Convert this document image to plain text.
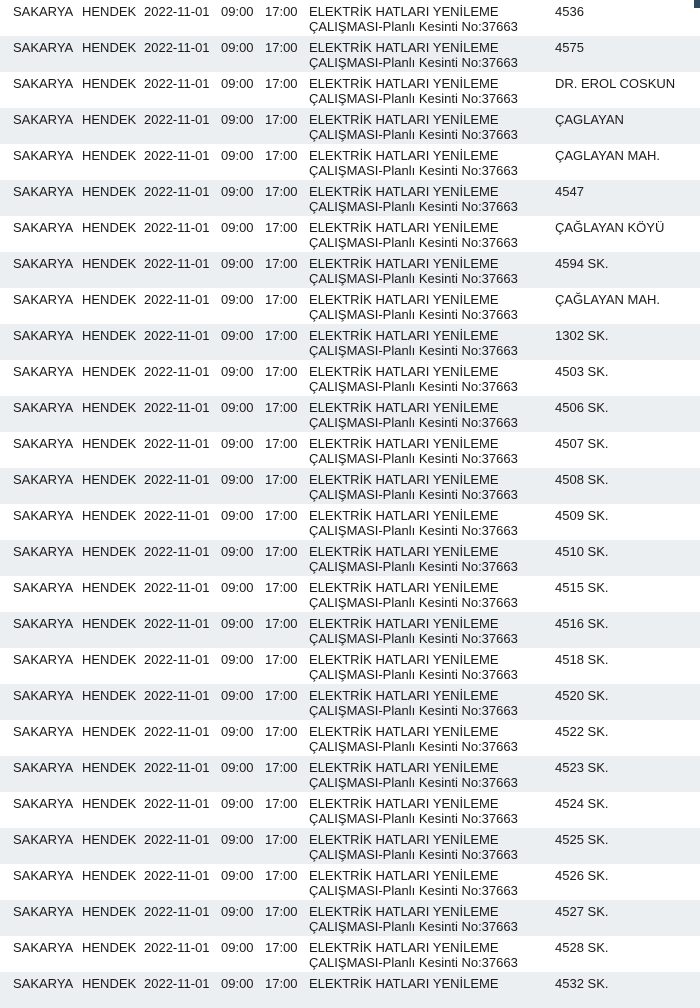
SAKARYA HENDEK 2022-11-01 09:00 17:00 ELEKTRİK HATLARI YENİLEME
ÇALIŞMASI-Planlı Kesinti No:37663
4536
SAKARYA HENDEK 2022-11-01 09:00 17:00 ELEKTRİK HATLARI YENİLEME
ÇALIŞMASI-Planlı Kesinti No:37663
4575
SAKARYA HENDEK 2022-11-01 09:00 17:00 ELEKTRİK HATLARI YENİLEME
ÇALIŞMASI-Planlı Kesinti No:37663
DR. EROL COSKUN
SAKARYA HENDEK 2022-11-01 09:00 17:00 ELEKTRİK HATLARI YENİLEME
ÇALIŞMASI-Planlı Kesinti No:37663
ÇAGLAYAN
SAKARYA HENDEK 2022-11-01 09:00 17:00 ELEKTRİK HATLARI YENİLEME
ÇALIŞMASI-Planlı Kesinti No:37663
ÇAGLAYAN MAH.
SAKARYA HENDEK 2022-11-01 09:00 17:00 ELEKTRİK HATLARI YENİLEME
ÇALIŞMASI-Planlı Kesinti No:37663
4547
SAKARYA HENDEK 2022-11-01 09:00 17:00 ELEKTRİK HATLARI YENİLEME
ÇALIŞMASI-Planlı Kesinti No:37663
ÇAĞLAYAN KÖYÜ
SAKARYA HENDEK 2022-11-01 09:00 17:00 ELEKTRİK HATLARI YENİLEME
ÇALIŞMASI-Planlı Kesinti No:37663
4594 SK.
SAKARYA HENDEK 2022-11-01 09:00 17:00 ELEKTRİK HATLARI YENİLEME
ÇALIŞMASI-Planlı Kesinti No:37663
ÇAĞLAYAN MAH.
SAKARYA HENDEK 2022-11-01 09:00 17:00 ELEKTRİK HATLARI YENİLEME
ÇALIŞMASI-Planlı Kesinti No:37663
1302 SK.
SAKARYA HENDEK 2022-11-01 09:00 17:00 ELEKTRİK HATLARI YENİLEME
ÇALIŞMASI-Planlı Kesinti No:37663
4503 SK.
SAKARYA HENDEK 2022-11-01 09:00 17:00 ELEKTRİK HATLARI YENİLEME
ÇALIŞMASI-Planlı Kesinti No:37663
4506 SK.
SAKARYA HENDEK 2022-11-01 09:00 17:00 ELEKTRİK HATLARI YENİLEME
ÇALIŞMASI-Planlı Kesinti No:37663
4507 SK.
SAKARYA HENDEK 2022-11-01 09:00 17:00 ELEKTRİK HATLARI YENİLEME
ÇALIŞMASI-Planlı Kesinti No:37663
4508 SK.
SAKARYA HENDEK 2022-11-01 09:00 17:00 ELEKTRİK HATLARI YENİLEME
ÇALIŞMASI-Planlı Kesinti No:37663
4509 SK.
SAKARYA HENDEK 2022-11-01 09:00 17:00 ELEKTRİK HATLARI YENİLEME
ÇALIŞMASI-Planlı Kesinti No:37663
4510 SK.
SAKARYA HENDEK 2022-11-01 09:00 17:00 ELEKTRİK HATLARI YENİLEME
ÇALIŞMASI-Planlı Kesinti No:37663
4515 SK.
SAKARYA HENDEK 2022-11-01 09:00 17:00 ELEKTRİK HATLARI YENİLEME
ÇALIŞMASI-Planlı Kesinti No:37663
4516 SK.
SAKARYA HENDEK 2022-11-01 09:00 17:00 ELEKTRİK HATLARI YENİLEME
ÇALIŞMASI-Planlı Kesinti No:37663
4518 SK.
SAKARYA HENDEK 2022-11-01 09:00 17:00 ELEKTRİK HATLARI YENİLEME
ÇALIŞMASI-Planlı Kesinti No:37663
4520 SK.
SAKARYA HENDEK 2022-11-01 09:00 17:00 ELEKTRİK HATLARI YENİLEME
ÇALIŞMASI-Planlı Kesinti No:37663
4522 SK.
SAKARYA HENDEK 2022-11-01 09:00 17:00 ELEKTRİK HATLARI YENİLEME
ÇALIŞMASI-Planlı Kesinti No:37663
4523 SK.
SAKARYA HENDEK 2022-11-01 09:00 17:00 ELEKTRİK HATLARI YENİLEME
ÇALIŞMASI-Planlı Kesinti No:37663
4524 SK.
SAKARYA HENDEK 2022-11-01 09:00 17:00 ELEKTRİK HATLARI YENİLEME
ÇALIŞMASI-Planlı Kesinti No:37663
4525 SK.
SAKARYA HENDEK 2022-11-01 09:00 17:00 ELEKTRİK HATLARI YENİLEME
ÇALIŞMASI-Planlı Kesinti No:37663
4526 SK.
SAKARYA HENDEK 2022-11-01 09:00 17:00 ELEKTRİK HATLARI YENİLEME
ÇALIŞMASI-Planlı Kesinti No:37663
4527 SK.
SAKARYA HENDEK 2022-11-01 09:00 17:00 ELEKTRİK HATLARI YENİLEME
ÇALIŞMASI-Planlı Kesinti No:37663
4528 SK.
SAKARYA HENDEK 2022-11-01 09:00 17:00 ELEKTRİK HATLARI YENİLEME	4532 SK.
